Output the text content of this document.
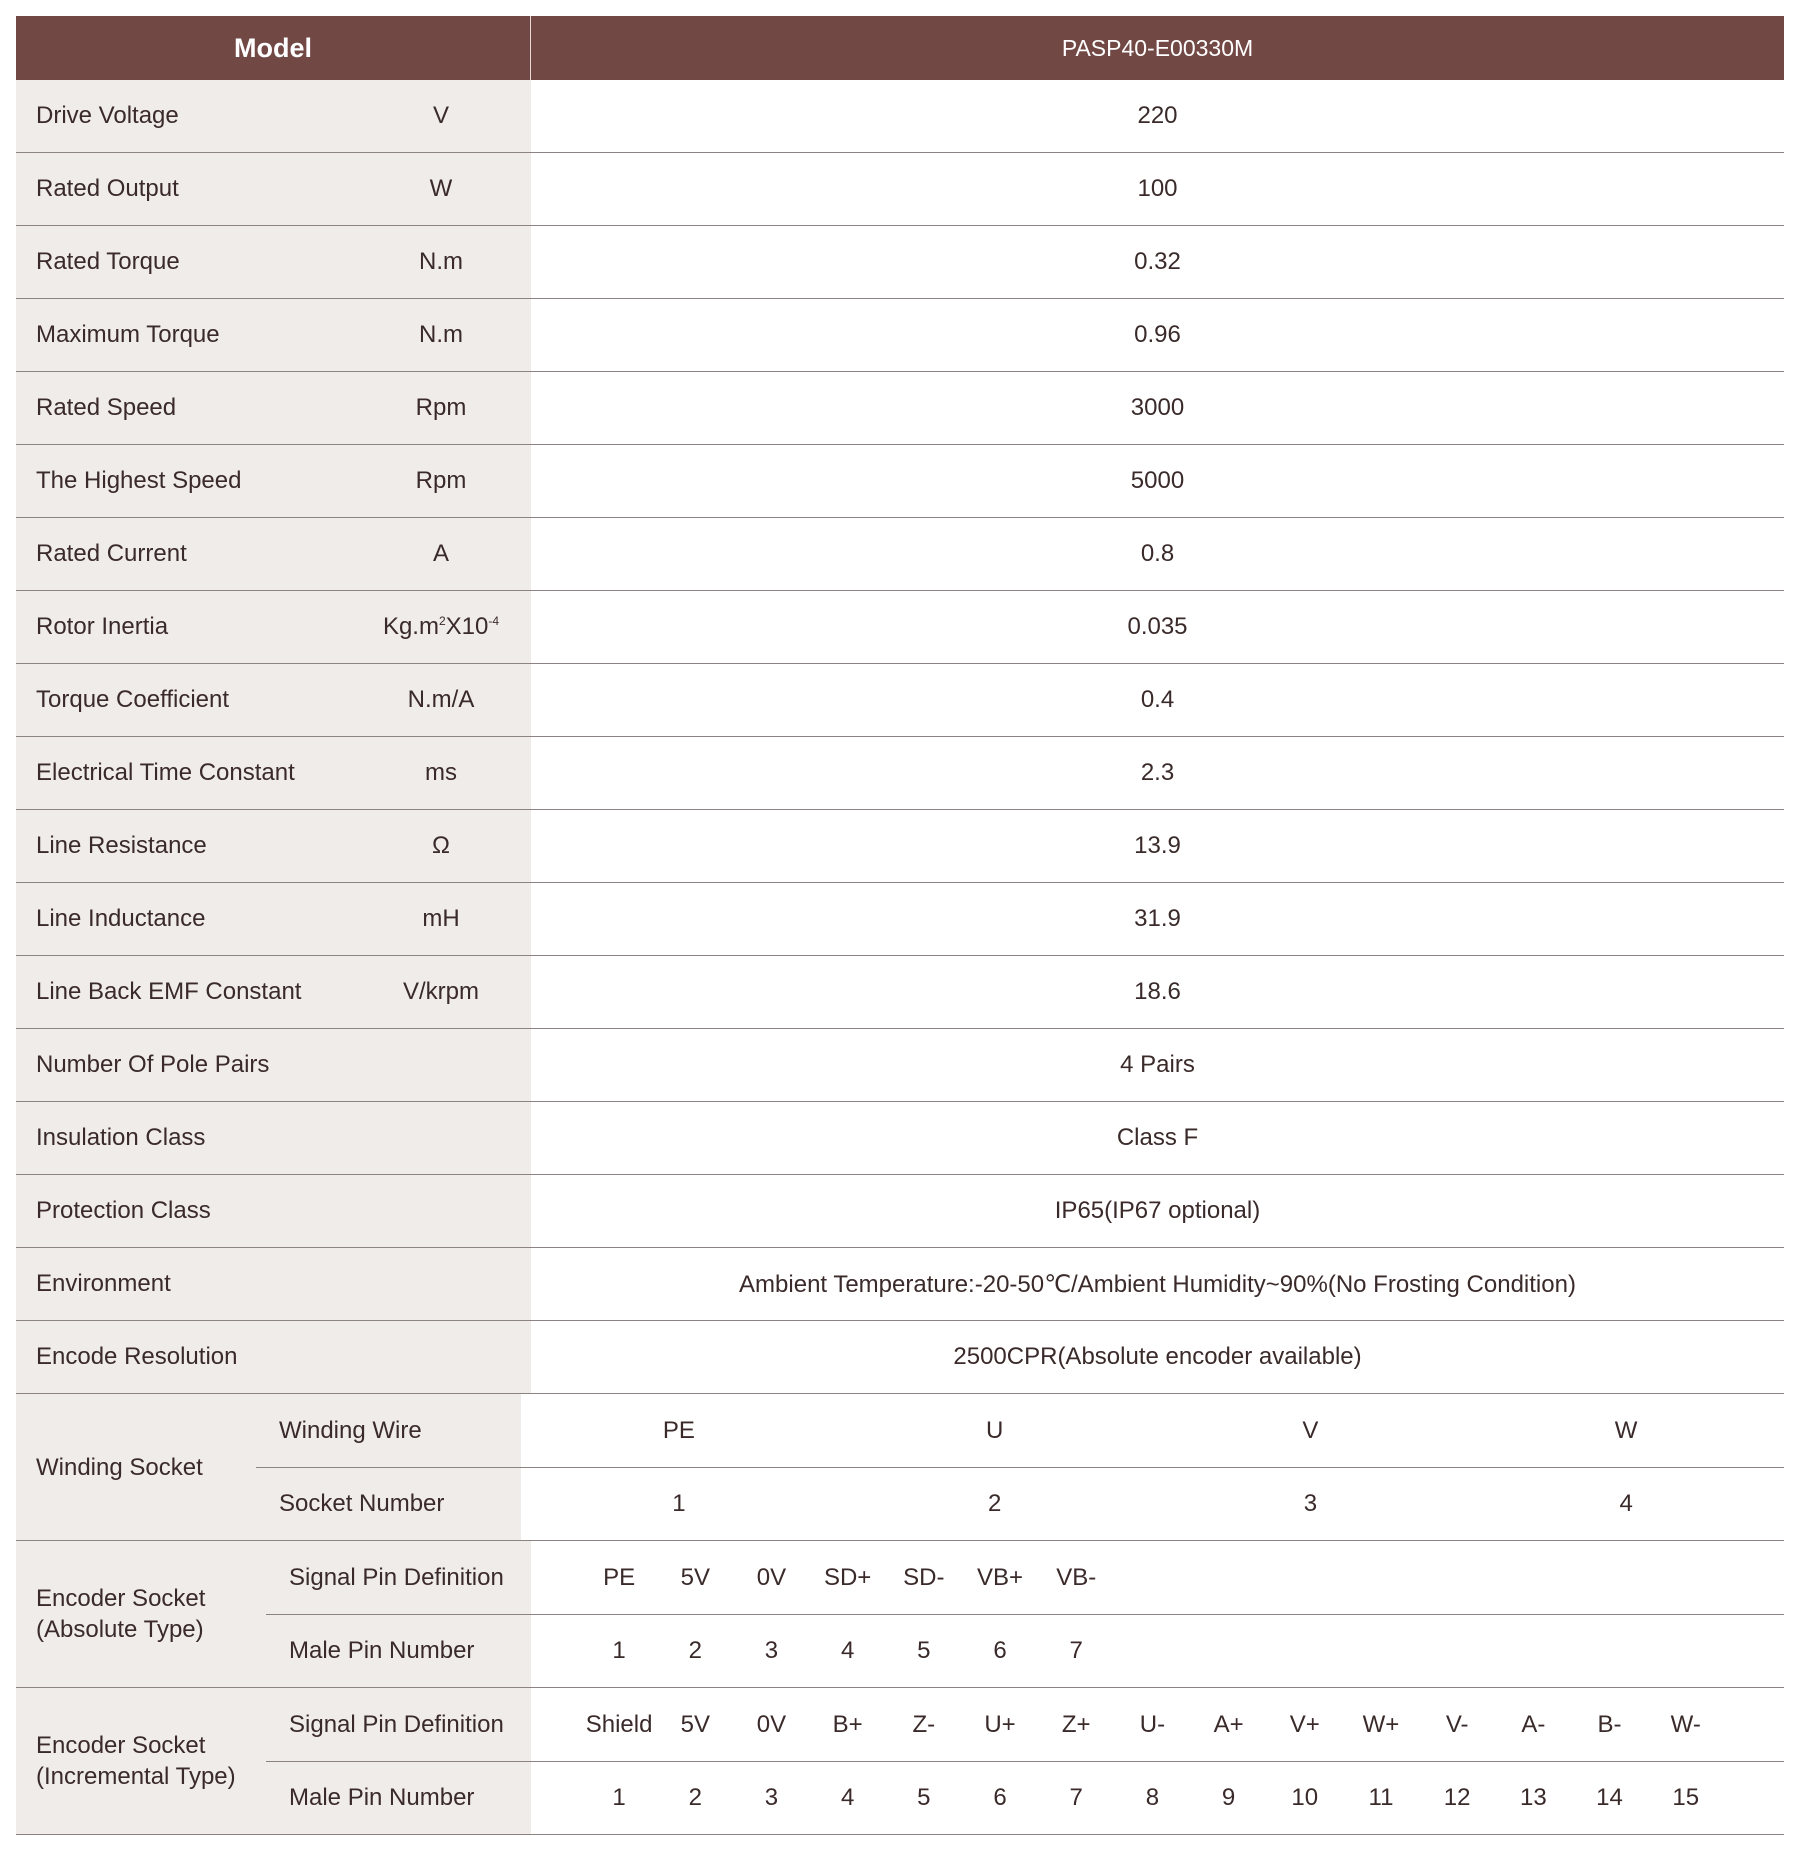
Model	PASP40-E00330M
Drive Voltage	V	220
Rated Output	W	100
Rated Torque	N.m	0.32
Maximum Torque	N.m	0.96
Rated Speed	Rpm	3000
The Highest Speed	Rpm	5000
Rated Current	A	0.8
Rotor Inertia	$Kg.m^2X10^{-4}$	0.035
Torque Coefficient	N.m/A	0.4
Electrical Time Constant	ms	2.3
Line Resistance	Ω	13.9
Line Inductance	mH	31.9
Line Back EMF Constant	V/krpm	18.6
Number Of Pole Pairs	4 Pairs
Insulation Class	Class F
Protection Class	IP65(IP67 optional)
Environment	Ambient Temperature:-20-50℃/Ambient Humidity~90%(No Frosting Condition)
Encode Resolution	2500CPR(Absolute encoder available)
Winding Socket
Winding Wire	PE	U	V	W
Socket Number	1	2	3	4
Encoder Socket
(Absolute Type)
Signal Pin Definition	PE	5V	0V	SD+	SD-	VB+	VB-
Male Pin Number	1	2	3	4	5	6	7
Encoder Socket
(Incremental Type)
Signal Pin Definition	Shield	5V	0V	B+	Z-	U+	Z+	U-	A+	V+	W+	V-	A-	B-	W-
Male Pin Number	1	2	3	4	5	6	7	8	9	10	11	12	13	14	15
